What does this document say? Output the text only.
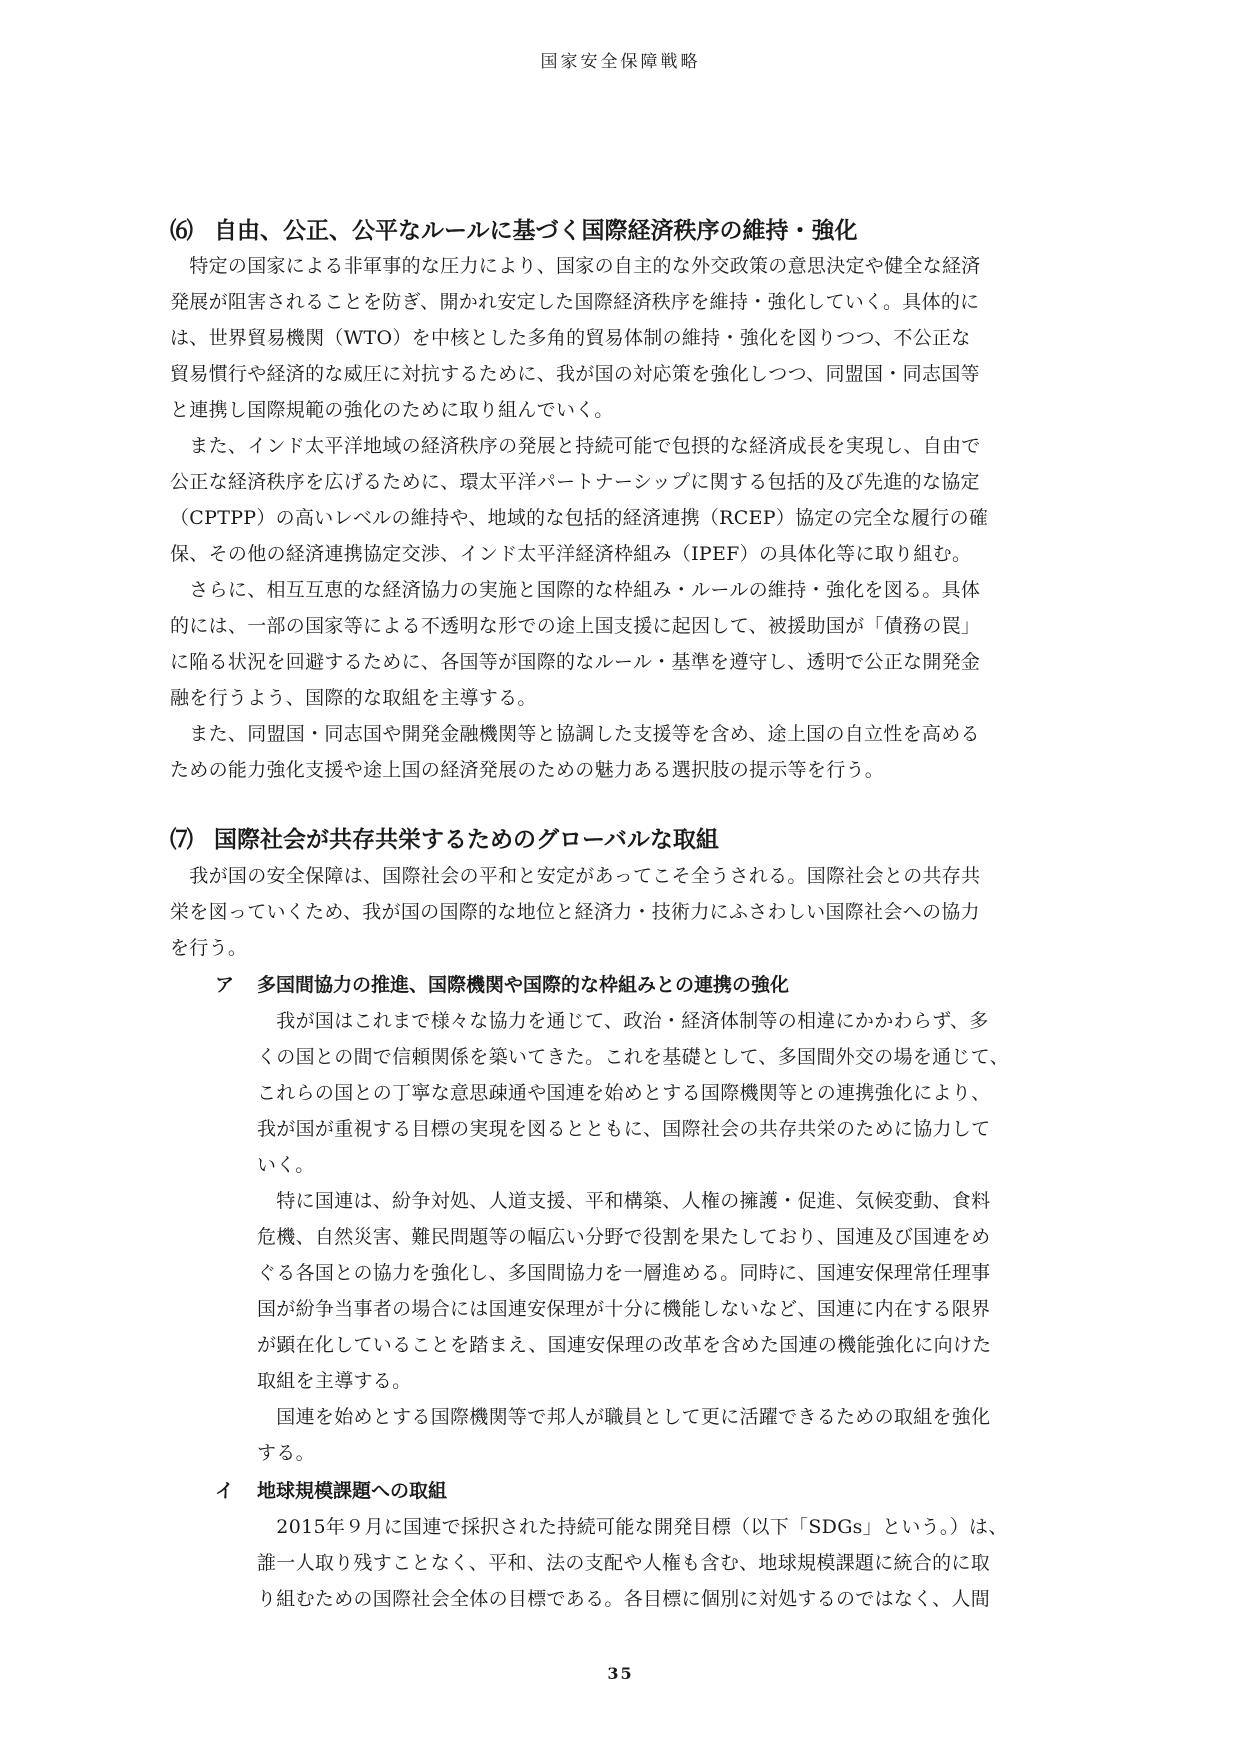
国家安全保障戦略
⑹ 自由、公正、公平なルールに基づく国際経済秩序の維持・強化
　特定の国家による非軍事的な圧力により、国家の自主的な外交政策の意思決定や健全な経済
発展が阻害されることを防ぎ、開かれ安定した国際経済秩序を維持・強化していく。具体的に
は、世界貿易機関（WTO）を中核とした多角的貿易体制の維持・強化を図りつつ、不公正な
貿易慣行や経済的な威圧に対抗するために、我が国の対応策を強化しつつ、同盟国・同志国等
と連携し国際規範の強化のために取り組んでいく。
　また、インド太平洋地域の経済秩序の発展と持続可能で包摂的な経済成長を実現し、自由で
公正な経済秩序を広げるために、環太平洋パートナーシップに関する包括的及び先進的な協定
（CPTPP）の高いレベルの維持や、地域的な包括的経済連携（RCEP）協定の完全な履行の確
保、その他の経済連携協定交渉、インド太平洋経済枠組み（IPEF）の具体化等に取り組む。
　さらに、相互互恵的な経済協力の実施と国際的な枠組み・ルールの維持・強化を図る。具体
的には、一部の国家等による不透明な形での途上国支援に起因して、被援助国が「債務の罠」
に陥る状況を回避するために、各国等が国際的なルール・基準を遵守し、透明で公正な開発金
融を行うよう、国際的な取組を主導する。
　また、同盟国・同志国や開発金融機関等と協調した支援等を含め、途上国の自立性を高める
ための能力強化支援や途上国の経済発展のための魅力ある選択肢の提示等を行う。
⑺ 国際社会が共存共栄するためのグローバルな取組
　我が国の安全保障は、国際社会の平和と安定があってこそ全うされる。国際社会との共存共
栄を図っていくため、我が国の国際的な地位と経済力・技術力にふさわしい国際社会への協力
を行う。
ア 多国間協力の推進、国際機関や国際的な枠組みとの連携の強化
　我が国はこれまで様々な協力を通じて、政治・経済体制等の相違にかかわらず、多
くの国との間で信頼関係を築いてきた。これを基礎として、多国間外交の場を通じて、
これらの国との丁寧な意思疎通や国連を始めとする国際機関等との連携強化により、
我が国が重視する目標の実現を図るとともに、国際社会の共存共栄のために協力して
いく。
　特に国連は、紛争対処、人道支援、平和構築、人権の擁護・促進、気候変動、食料
危機、自然災害、難民問題等の幅広い分野で役割を果たしており、国連及び国連をめ
ぐる各国との協力を強化し、多国間協力を一層進める。同時に、国連安保理常任理事
国が紛争当事者の場合には国連安保理が十分に機能しないなど、国連に内在する限界
が顕在化していることを踏まえ、国連安保理の改革を含めた国連の機能強化に向けた
取組を主導する。
　国連を始めとする国際機関等で邦人が職員として更に活躍できるための取組を強化
する。
イ 地球規模課題への取組
　2015年９月に国連で採択された持続可能な開発目標（以下「SDGs」という。）は、
誰一人取り残すことなく、平和、法の支配や人権も含む、地球規模課題に統合的に取
り組むための国際社会全体の目標である。各目標に個別に対処するのではなく、人間
35
